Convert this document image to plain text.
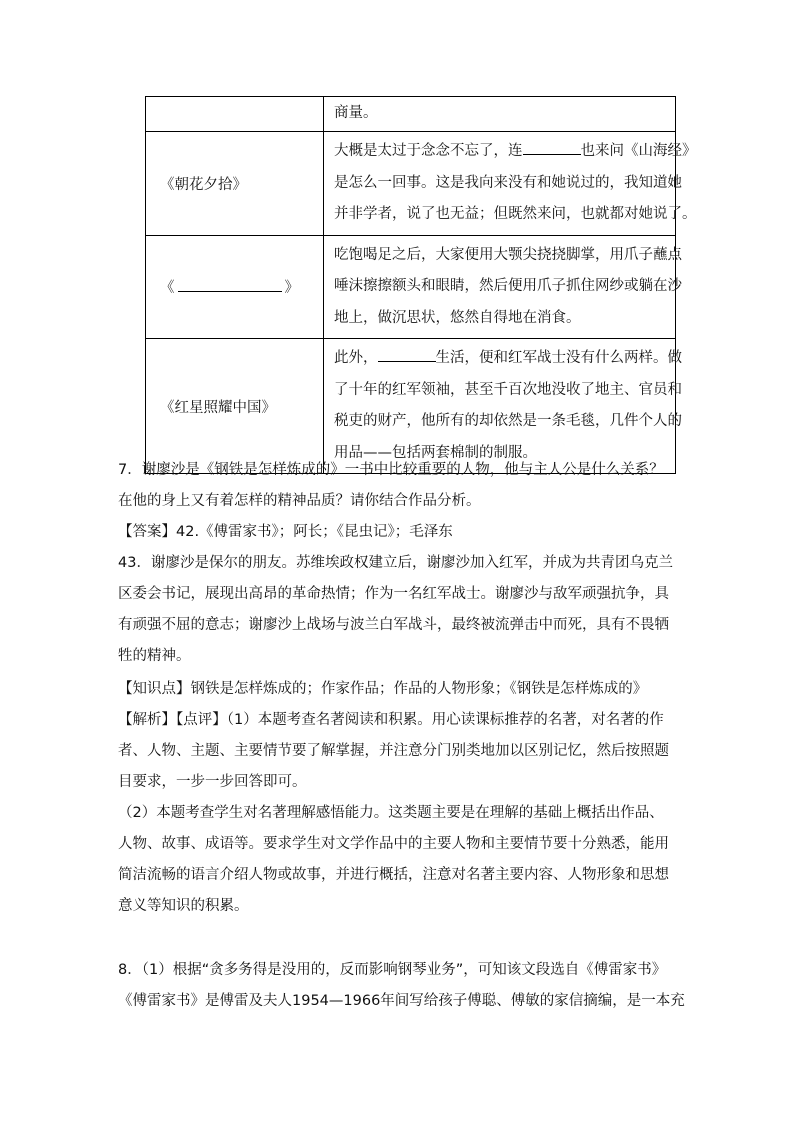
	商量。

《朝花夕拾》	大概是太过于念念不忘了，连 也来问《山海经》
是怎么一回事。这是我向来没有和她说过的，我知道她
并非学者，说了也无益；但既然来问，也就都对她说了。

《 》	吃饱喝足之后，大家便用大颚尖挠挠脚掌，用爪子蘸点
唾沫擦擦额头和眼睛，然后便用爪子抓住网纱或躺在沙
地上，做沉思状，悠然自得地在消食。

《红星照耀中国》	此外， 生活，便和红军战士没有什么两样。做
了十年的红军领袖，甚至千百次地没收了地主、官员和
税吏的财产，他所有的却依然是一条毛毯，几件个人的
用品——包括两套棉制的制服。

7．谢廖沙是《钢铁是怎样炼成的》一书中比较重要的人物，他与主人公是什么关系？

在他的身上又有着怎样的精神品质？请你结合作品分析。

【答案】42.《傅雷家书》；阿长；《昆虫记》；毛泽东

43．谢廖沙是保尔的朋友。苏维埃政权建立后，谢廖沙加入红军，并成为共青团乌克兰

区委会书记，展现出高昂的革命热情；作为一名红军战士。谢廖沙与敌军顽强抗争，具

有顽强不屈的意志；谢廖沙上战场与波兰白军战斗，最终被流弹击中而死，具有不畏牺

牲的精神。

【知识点】钢铁是怎样炼成的；作家作品；作品的人物形象；《钢铁是怎样炼成的》

【解析】【点评】（1）本题考查名著阅读和积累。用心读课标推荐的名著，对名著的作

者、人物、主题、主要情节要了解掌握，并注意分门别类地加以区别记忆，然后按照题

目要求，一步一步回答即可。

（2）本题考查学生对名著理解感悟能力。这类题主要是在理解的基础上概括出作品、

人物、故事、成语等。要求学生对文学作品中的主要人物和主要情节要十分熟悉，能用

简洁流畅的语言介绍人物或故事，并进行概括，注意对名著主要内容、人物形象和思想

意义等知识的积累。

8．（1）根据“贪多务得是没用的，反而影响钢琴业务”，可知该文段选自《傅雷家书》

《傅雷家书》是傅雷及夫人1954—1966年间写给孩子傅聪、傅敏的家信摘编，是一本充
